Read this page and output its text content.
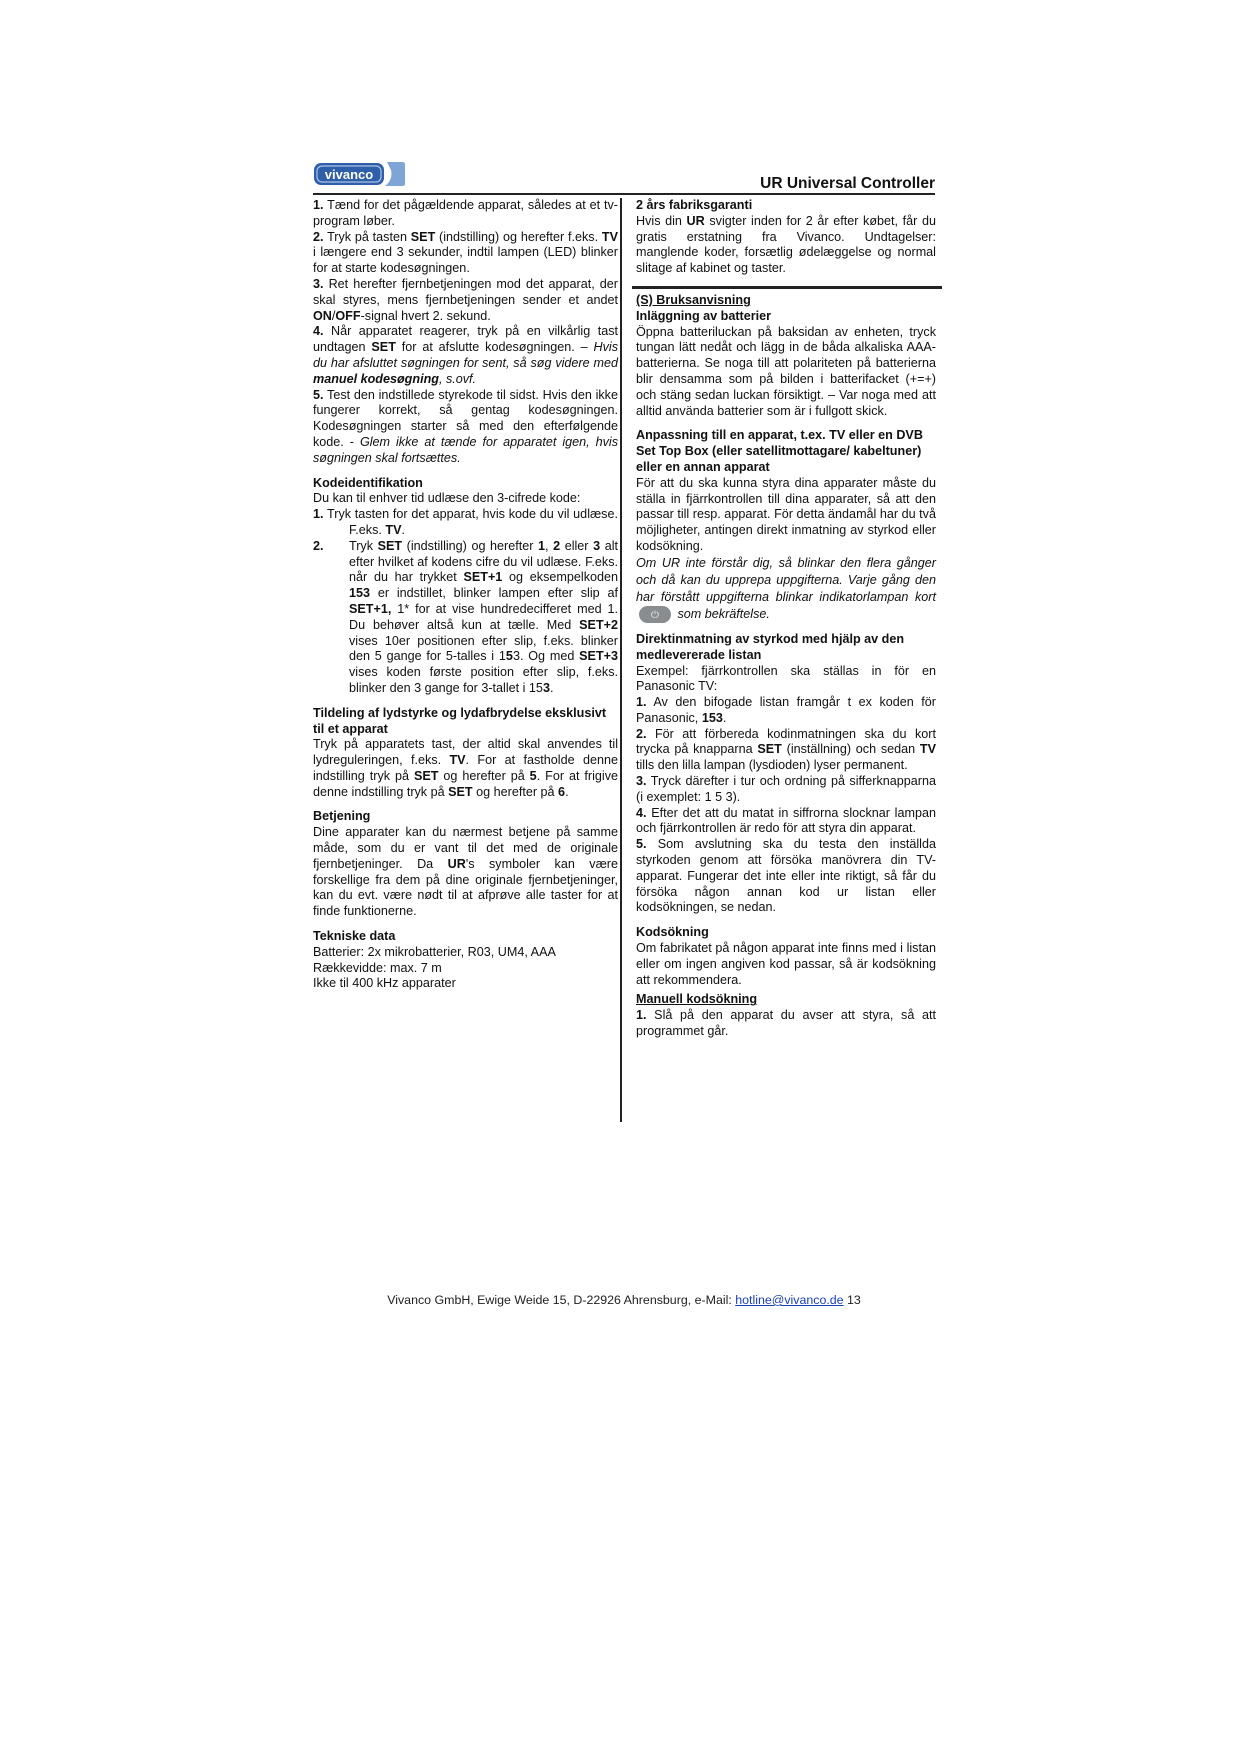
vivanco
UR Universal Controller

1. Tænd for det pågældende apparat, således at et tv-program løber.

2. Tryk på tasten SET (indstilling) og herefter f.eks. TV i længere end 3 sekunder, indtil lampen (LED) blinker for at starte kodesøgningen.

3. Ret herefter fjernbetjeningen mod det apparat, der skal styres, mens fjernbetjeningen sender et andet ON/OFF-signal hvert 2. sekund.

4. Når apparatet reagerer, tryk på en vilkårlig tast undtagen SET for at afslutte kodesøgningen. – Hvis du har afsluttet søgningen for sent, så søg videre med manuel kodesøgning, s.ovf.

5. Test den indstillede styrekode til sidst. Hvis den ikke fungerer korrekt, så gentag kodesøgningen. Kodesøgningen starter så med den efterfølgende kode. - Glem ikke at tænde for apparatet igen, hvis søgningen skal fortsættes.

Kodeidentifikation

Du kan til enhver tid udlæse den 3-cifrede kode:

1. Tryk tasten for det apparat, hvis kode du vil udlæse. F.eks. TV.

2. Tryk SET (indstilling) og herefter 1, 2 eller 3 alt efter hvilket af kodens cifre du vil udlæse. F.eks. når du har trykket SET+1 og eksempelkoden 153 er indstillet, blinker lampen efter slip af SET+1, 1* for at vise hundredecifferet med 1. Du behøver altså kun at tælle. Med SET+2 vises 10er positionen efter slip, f.eks. blinker den 5 gange for 5-talles i 153. Og med SET+3 vises koden første position efter slip, f.eks. blinker den 3 gange for 3-tallet i 153.

Tildeling af lydstyrke og lydafbrydelse eksklusivt til et apparat

Tryk på apparatets tast, der altid skal anvendes til lydreguleringen, f.eks. TV. For at fastholde denne indstilling tryk på SET og herefter på 5. For at frigive denne indstilling tryk på SET og herefter på 6.

Betjening

Dine apparater kan du nærmest betjene på samme måde, som du er vant til det med de originale fjernbetjeninger. Da UR's symboler kan være forskellige fra dem på dine originale fjernbetjeninger, kan du evt. være nødt til at afprøve alle taster for at finde funktionerne.

Tekniske data

Batterier: 2x mikrobatterier, R03, UM4, AAA

Rækkevidde: max. 7 m

Ikke til 400 kHz apparater

2 års fabriksgaranti

Hvis din UR svigter inden for 2 år efter købet, får du gratis erstatning fra Vivanco. Undtagelser: manglende koder, forsætlig ødelæggelse og normal slitage af kabinet og taster.

(S) Bruksanvisning

Inläggning av batterier

Öppna batteriluckan på baksidan av enheten, tryck tungan lätt nedåt och lägg in de båda alkaliska AAA-batterierna. Se noga till att polariteten på batterierna blir densamma som på bilden i batterifacket (+=+) och stäng sedan luckan försiktigt. – Var noga med att alltid använda batterier som är i fullgott skick.

Anpassning till en apparat, t.ex. TV eller en DVB Set Top Box (eller satellitmottagare/ kabeltuner) eller en annan apparat

För att du ska kunna styra dina apparater måste du ställa in fjärrkontrollen till dina apparater, så att den passar till resp. apparat. För detta ändamål har du två möjligheter, antingen direkt inmatning av styrkod eller kodsökning.

Om UR inte förstår dig, så blinkar den flera gånger och då kan du upprepa uppgifterna. Varje gång den har förstått uppgifterna blinkar indikatorlampan kort⏻ som bekräftelse.

Direktinmatning av styrkod med hjälp av den medlevererade listan

Exempel: fjärrkontrollen ska ställas in för en Panasonic TV:

1. Av den bifogade listan framgår t ex koden för Panasonic, 153.

2. För att förbereda kodinmatningen ska du kort trycka på knapparna SET (inställning) och sedan TV tills den lilla lampan (lysdioden) lyser permanent.

3. Tryck därefter i tur och ordning på sifferknapparna (i exemplet: 1 5 3).

4. Efter det att du matat in siffrorna slocknar lampan och fjärrkontrollen är redo för att styra din apparat.

5. Som avslutning ska du testa den inställda styrkoden genom att försöka manövrera din TV-apparat. Fungerar det inte eller inte riktigt, så får du försöka någon annan kod ur listan eller kodsökningen, se nedan.

Kodsökning

Om fabrikatet på någon apparat inte finns med i listan eller om ingen angiven kod passar, så är kodsökning att rekommendera.

Manuell kodsökning

1. Slå på den apparat du avser att styra, så att programmet går.

Vivanco GmbH, Ewige Weide 15, D-22926 Ahrensburg, e-Mail: hotline@vivanco.de 13
